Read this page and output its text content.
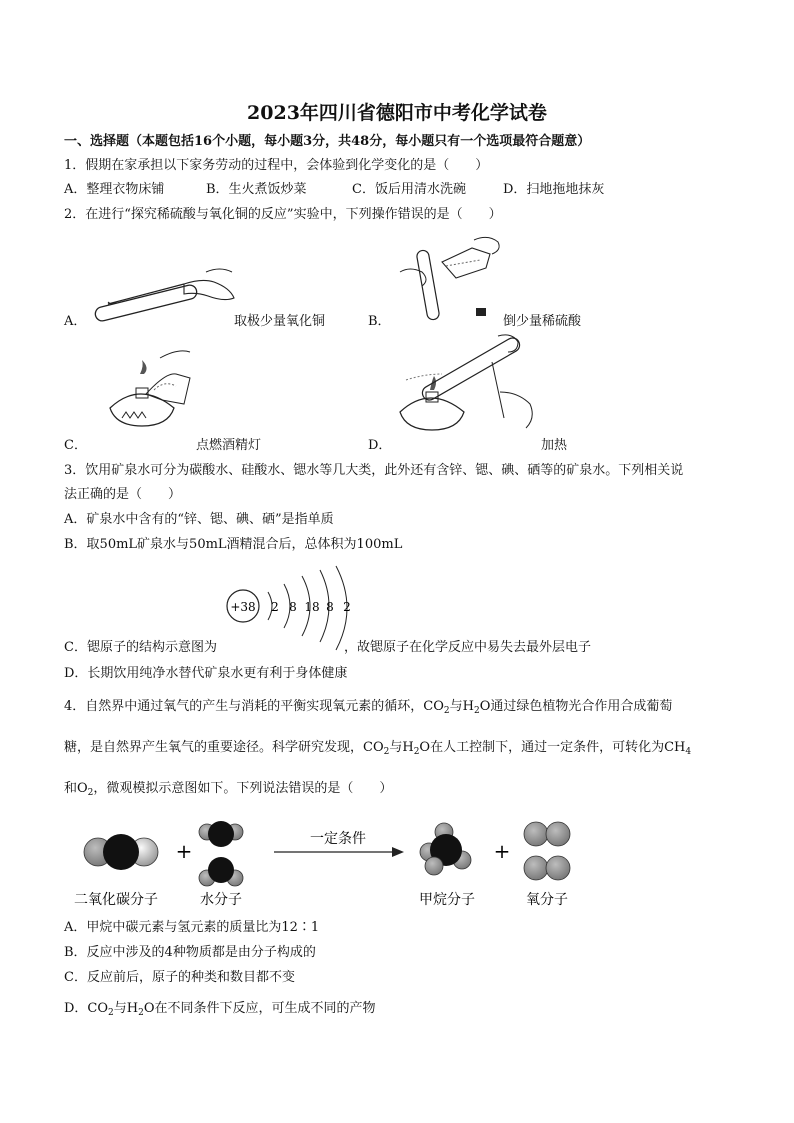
2023年四川省德阳市中考化学试卷
一、选择题（本题包括16个小题，每小题3分，共48分，每小题只有一个选项最符合题意）
1．假期在家承担以下家务劳动的过程中，会体验到化学变化的是（　　）
A．整理衣物床铺	B．生火煮饭炒菜	C．饭后用清水洗碗	D．扫地拖地抹灰
2．在进行“探究稀硫酸与氧化铜的反应”实验中，下列操作错误的是（　　）
A．	取极少量氧化铜	B．	倒少量稀硫酸
C．	点燃酒精灯	D．	加热
3．饮用矿泉水可分为碳酸水、硅酸水、锶水等几大类，此外还有含锌、锶、碘、硒等的矿泉水。下列相关说
法正确的是（　　）
A．矿泉水中含有的“锌、锶、碘、硒”是指单质
B．取50mL矿泉水与50mL酒精混合后，总体积为100mL
+38 2 8 18 8 2
C．锶原子的结构示意图为	，故锶原子在化学反应中易失去最外层电子
D．长期饮用纯净水替代矿泉水更有利于身体健康
4．自然界中通过氧气的产生与消耗的平衡实现氧元素的循环，$CO_2$与$H_2O$通过绿色植物光合作用合成葡萄
糖，是自然界产生氧气的重要途径。科学研究发现，$CO_2$与$H_2O$在人工控制下，通过一定条件，可转化为$CH_4$
和$O_2$，微观模拟示意图如下。下列说法错误的是（　　）
+	一定条件	+
二氧化碳分子	水分子	甲烷分子	氧分子
A．甲烷中碳元素与氢元素的质量比为12∶1
B．反应中涉及的4种物质都是由分子构成的
C．反应前后，原子的种类和数目都不变
D．$CO_2$与$H_2O$在不同条件下反应，可生成不同的产物
